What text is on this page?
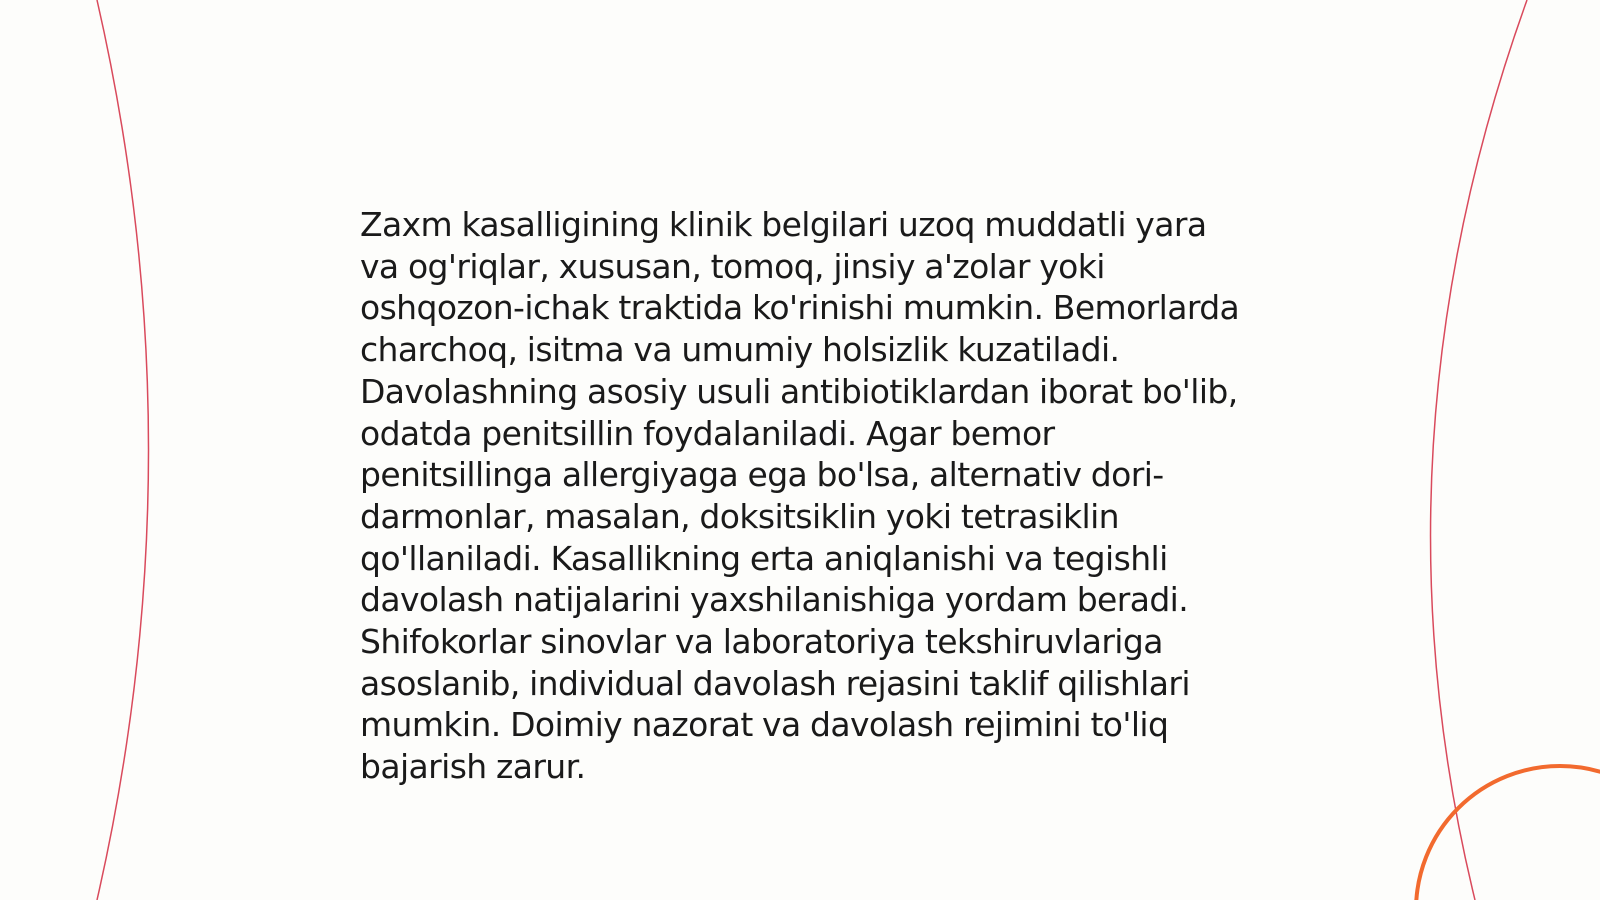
Zaxm kasalligining klinik belgilari uzoq muddatli yara va og'riqlar, xususan, tomoq, jinsiy a'zolar yoki oshqozon-ichak traktida ko'rinishi mumkin. Bemorlarda charchoq, isitma va umumiy holsizlik kuzatiladi. Davolashning asosiy usuli antibiotiklardan iborat bo'lib, odatda penitsillin foydalaniladi. Agar bemor penitsillinga allergiyaga ega bo'lsa, alternativ dori-darmonlar, masalan, doksitsiklin yoki tetrasiklin qo'llaniladi. Kasallikning erta aniqlanishi va tegishli davolash natijalarini yaxshilanishiga yordam beradi. Shifokorlar sinovlar va laboratoriya tekshiruvlariga asoslanib, individual davolash rejasini taklif qilishlari mumkin. Doimiy nazorat va davolash rejimini to'liq bajarish zarur.
